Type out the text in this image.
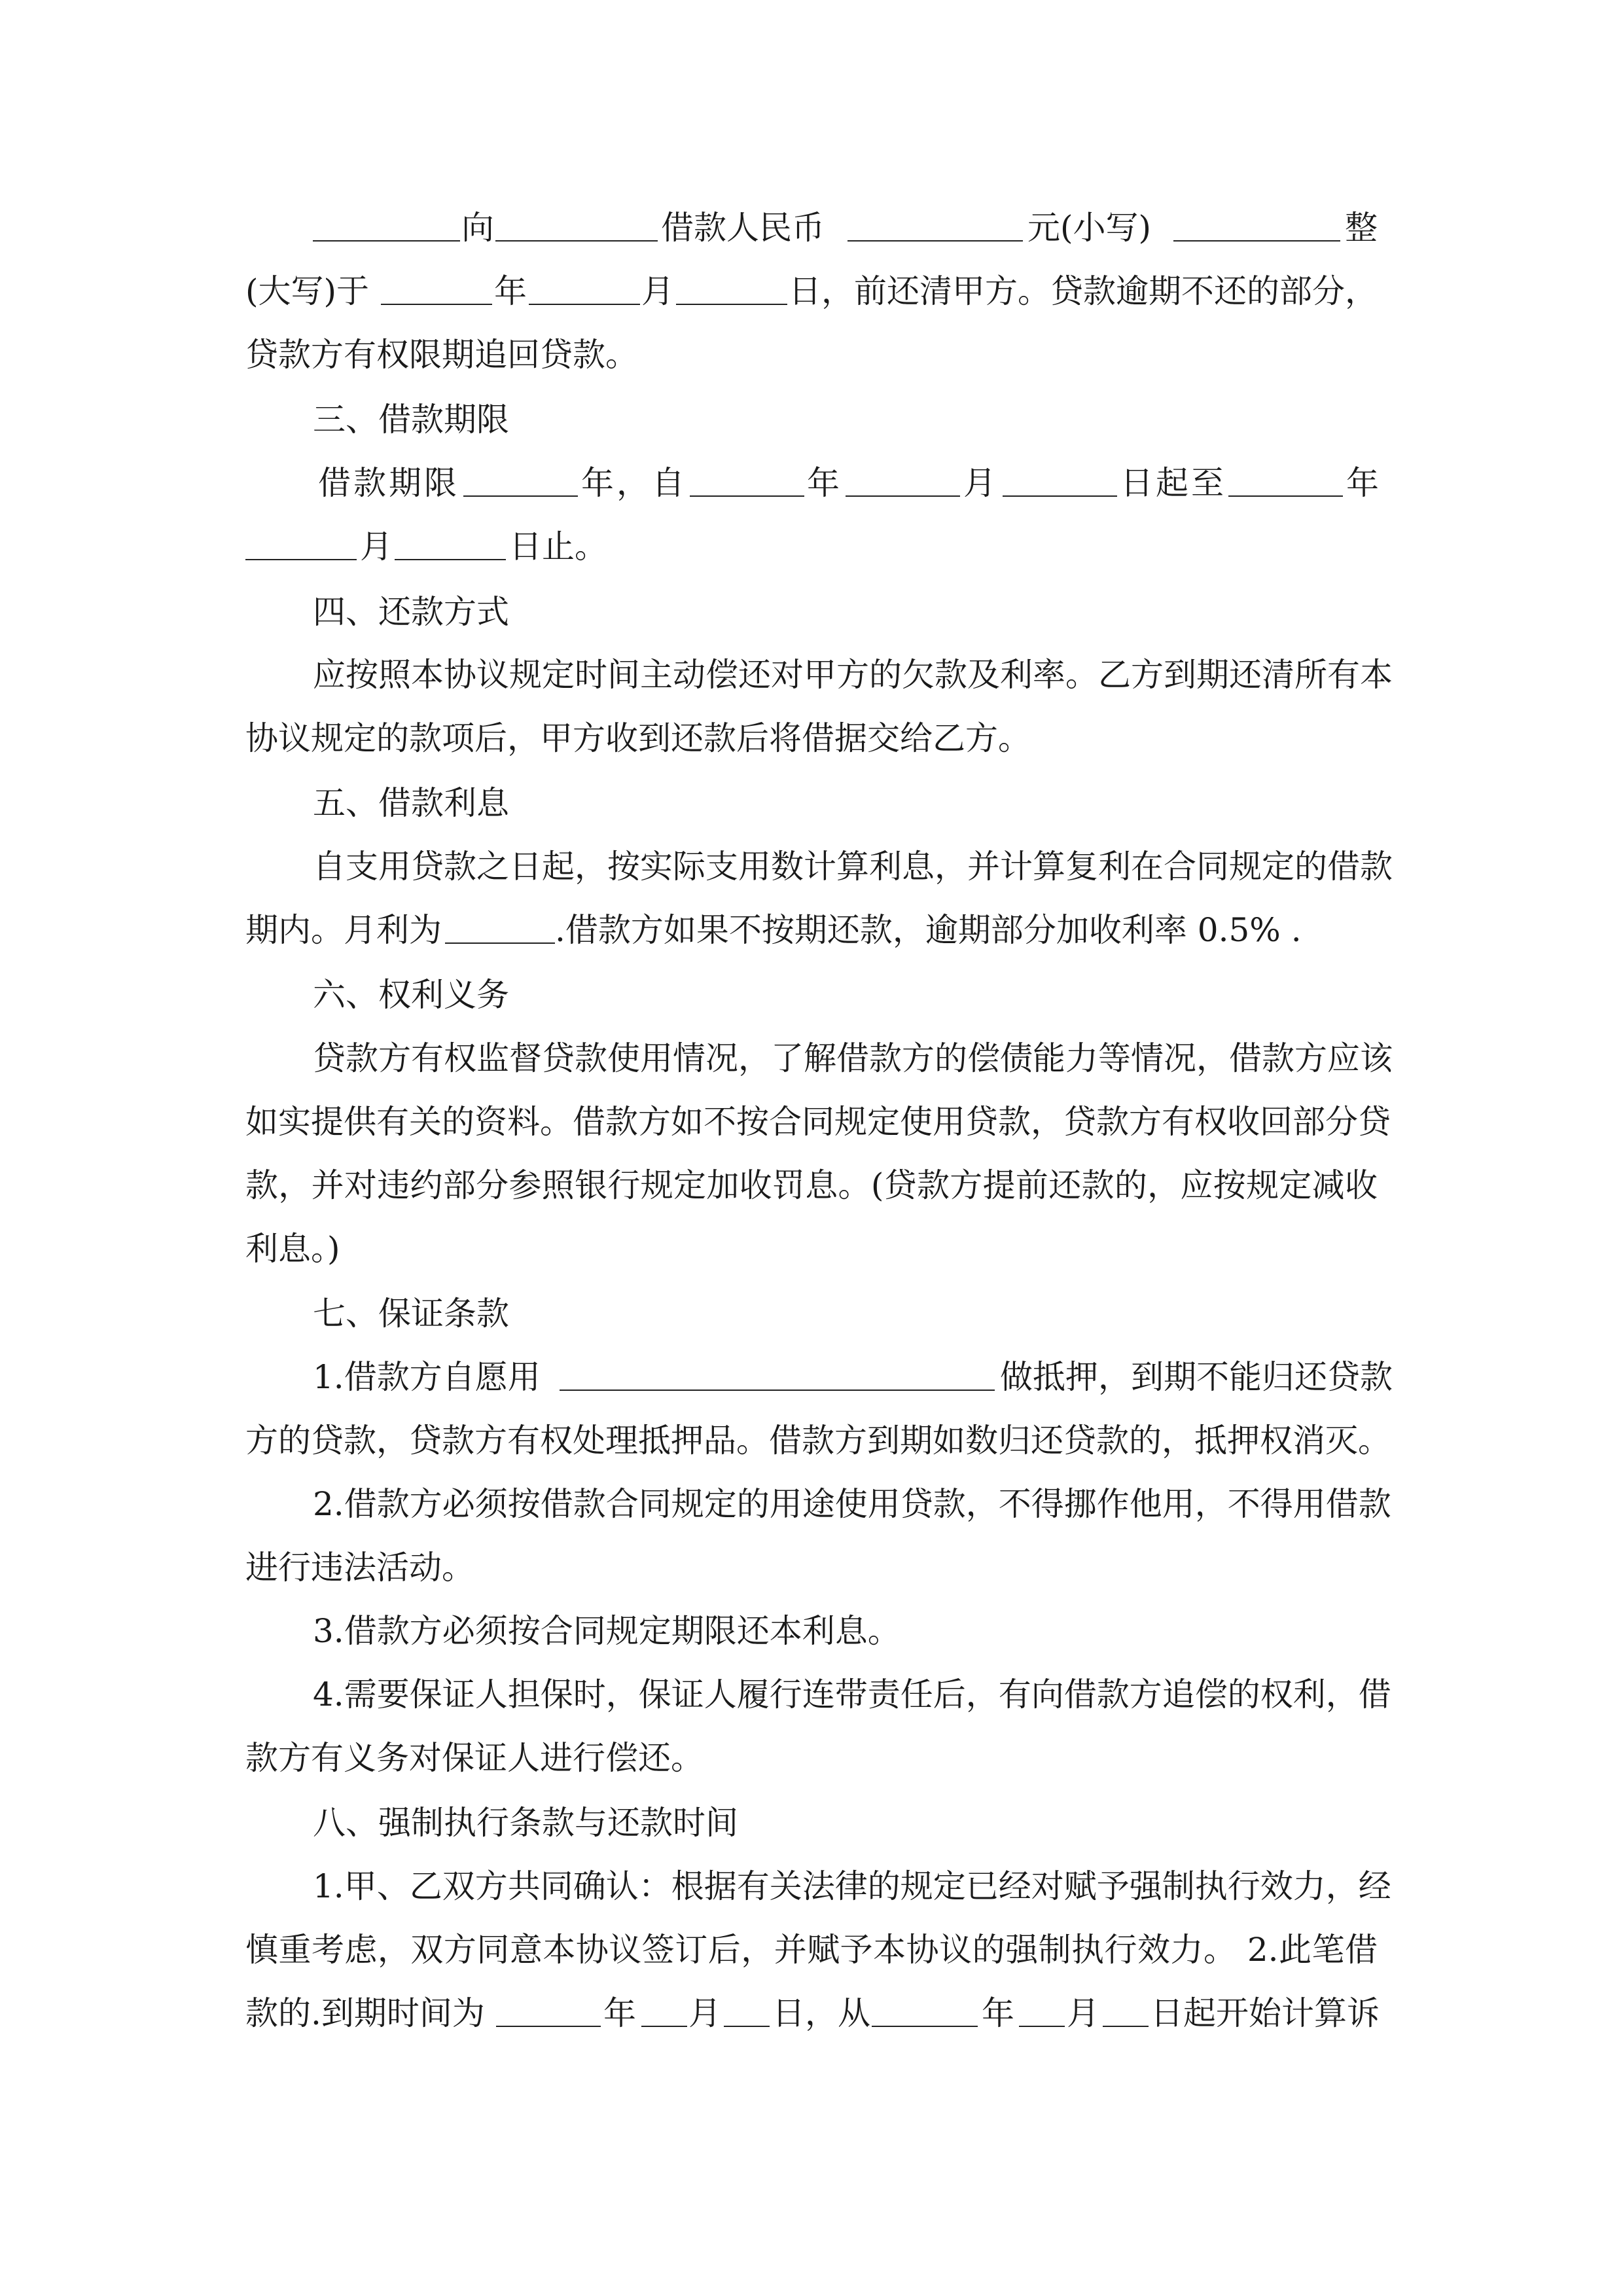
向	借款人民币	元(小写)	整
(大写)于	年	月	日，前还清甲方。贷款逾期不还的部分，
贷款方有权限期追回贷款。
三、借款期限
借款期限	年，自	年	月	日起至	年
月	日止。
四、还款方式
应按照本协议规定时间主动偿还对甲方的欠款及利率。乙方到期还清所有本
协议规定的款项后，甲方收到还款后将借据交给乙方。
五、借款利息
自支用贷款之日起，按实际支用数计算利息，并计算复利在合同规定的借款
期内。月利为	.借款方如果不按期还款，逾期部分加收利率 0.5% .
六、权利义务
贷款方有权监督贷款使用情况，了解借款方的偿债能力等情况，借款方应该
如实提供有关的资料。借款方如不按合同规定使用贷款，贷款方有权收回部分贷
款，并对违约部分参照银行规定加收罚息。(贷款方提前还款的，应按规定减收
利息。)
七、保证条款
1.借款方自愿用	做抵押，到期不能归还贷款
方的贷款，贷款方有权处理抵押品。借款方到期如数归还贷款的，抵押权消灭。
2.借款方必须按借款合同规定的用途使用贷款，不得挪作他用，不得用借款
进行违法活动。
3.借款方必须按合同规定期限还本利息。
4.需要保证人担保时，保证人履行连带责任后，有向借款方追偿的权利，借
款方有义务对保证人进行偿还。
八、强制执行条款与还款时间
1.甲、乙双方共同确认：根据有关法律的规定已经对赋予强制执行效力，经
慎重考虑，双方同意本协议签订后，并赋予本协议的强制执行效力。 2.此笔借
款的.到期时间为	年 月 日，从	年 月 日起开始计算诉
